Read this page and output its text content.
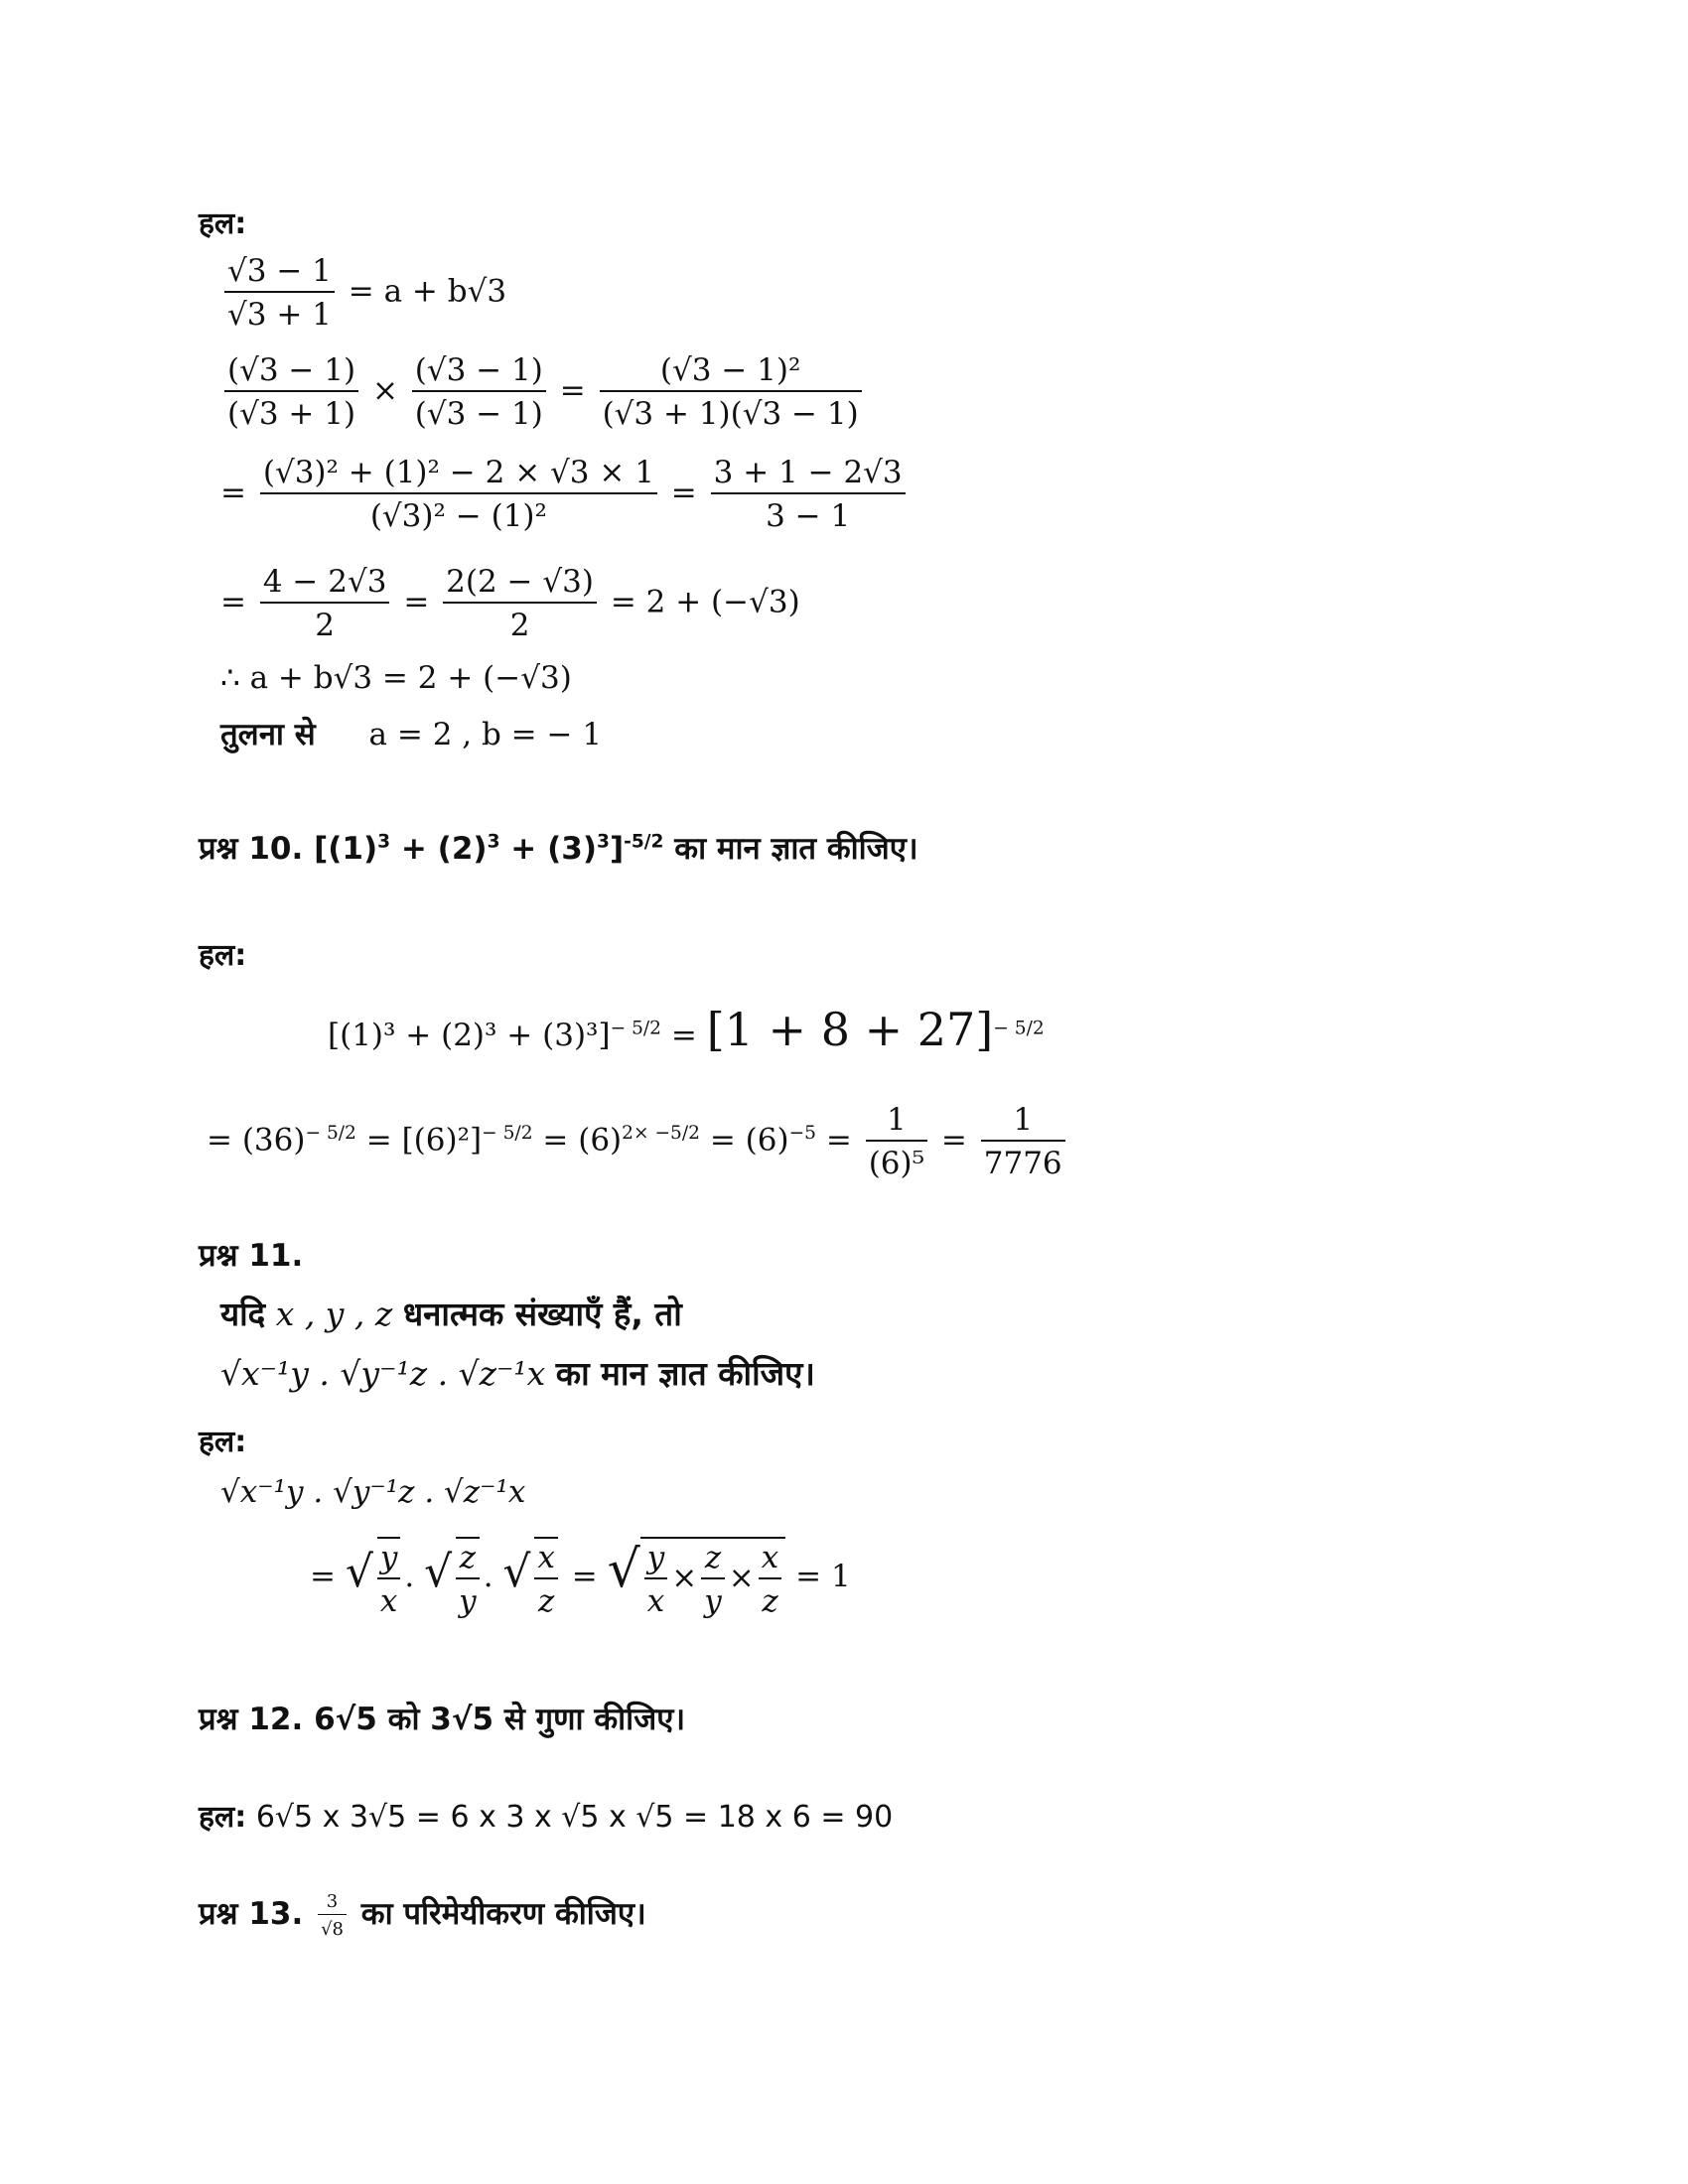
हल:
$\frac{√3 - 1}{√3 + 1} = a + b√3$
$\frac{(√3 - 1)}{(√3 + 1)} \times \frac{(√3 - 1)}{(√3 - 1)} = \frac{\text{(√3 − 1)²}}{(√3 + 1)(√3 - 1)}$
= $\frac{\text{(√3)² + (1)² − 2 × √3 × 1}}{\text{(√3)² − (1)²}} = \frac{3 + 1 - 2√3}{3 - 1}$
= $\frac{4 - 2√3}{2} = \frac{2(2 - √3)}{2} = 2 + (-√3)$
∴ a + b√3 = 2 + (−√3)
तुलना से a = 2 , b = − 1
प्रश्न 10. $[(1)^3 + (2)^3 + (3)^3]^{-5/2}$ का मान ज्ञात कीजिए।
हल:
$[(1)^3 + (2)^3 + (3)^3]^{- 5/2} = [1 + 8 + 27]^{- 5/2}$
= $(36)^{- 5/2} = [(6)^2]^{- 5/2} = (6)^{2\times -5/2} = (6)^{-5} = \frac{1}{\text{(6)⁵}} = \frac{1}{7776}$
प्रश्न 11.
यदि x , y , z धनात्मक संख्याएँ हैं, तो
√x⁻¹y . √y⁻¹z . √z⁻¹x का मान ज्ञात कीजिए।
हल:
√x⁻¹y . √y⁻¹z . √z⁻¹x
= √ $\frac{y}{x}$ . √ $\frac{z}{y}$ . √ $\frac{x}{z}$ = √ $\frac{y}{x} \times \frac{z}{y} \times \frac{x}{z} = 1$
प्रश्न 12. 6√5 को 3√5 से गुणा कीजिए।
हल: 6√5 x 3√5 = 6 x 3 x √5 x √5 = 18 x 6 = 90
प्रश्न 13. $\frac{3}{√8}$ का परिमेयीकरण कीजिए।
